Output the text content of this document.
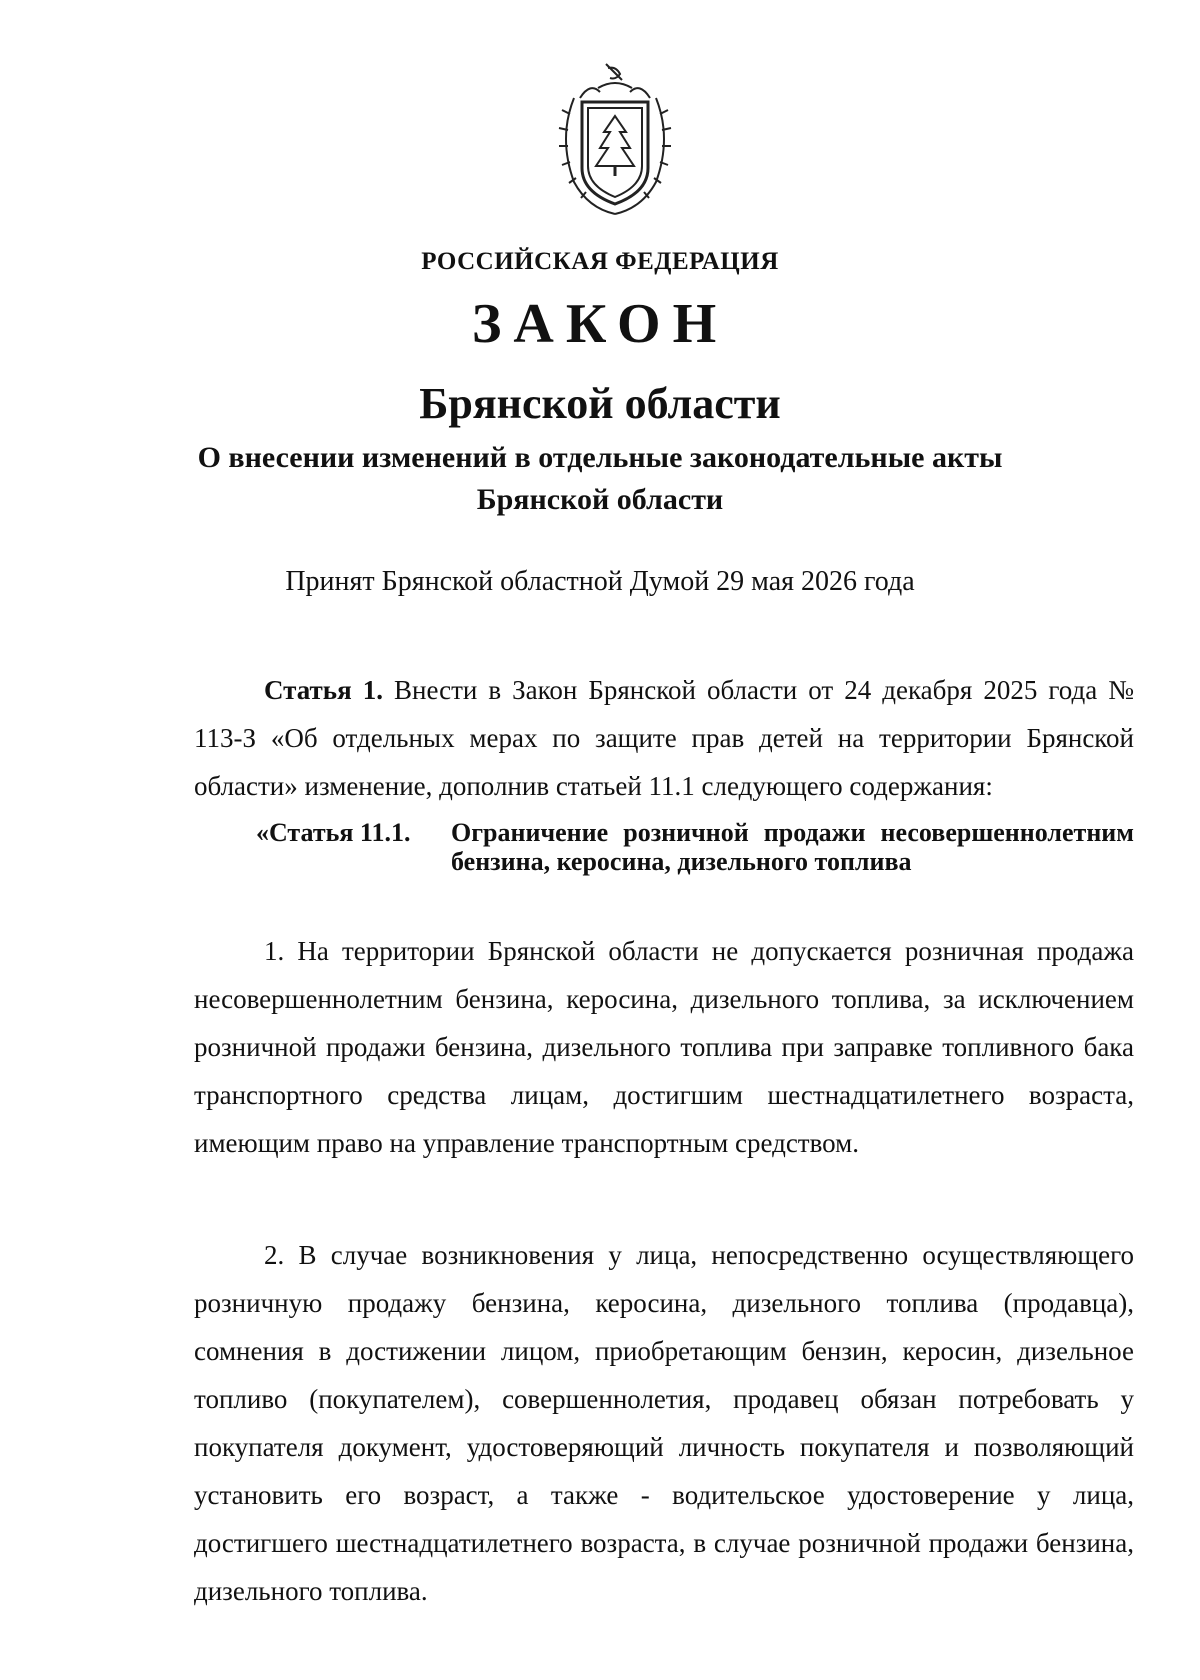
РОССИЙСКАЯ ФЕДЕРАЦИЯ
ЗАКОН
Брянской области
О внесении изменений в отдельные законодательные акты Брянской области
Принят Брянской областной Думой 29 мая 2026 года
Статья 1. Внести в Закон Брянской области от 24 декабря 2025 года № 113-З «Об отдельных мерах по защите прав детей на территории Брянской области» изменение, дополнив статьей 11.1 следующего содержания:
«Статья 11.1. Ограничение розничной продажи несовершеннолетним бензина, керосина, дизельного топлива
1. На территории Брянской области не допускается розничная продажа несовершеннолетним бензина, керосина, дизельного топлива, за исключением розничной продажи бензина, дизельного топлива при заправке топливного бака транспортного средства лицам, достигшим шестнадцатилетнего возраста, имеющим право на управление транспортным средством.
2. В случае возникновения у лица, непосредственно осуществляющего розничную продажу бензина, керосина, дизельного топлива (продавца), сомнения в достижении лицом, приобретающим бензин, керосин, дизельное топливо (покупателем), совершеннолетия, продавец обязан потребовать у покупателя документ, удостоверяющий личность покупателя и позволяющий установить его возраст, а также - водительское удостоверение у лица, достигшего шестнадцатилетнего возраста, в случае розничной продажи бензина, дизельного топлива.
